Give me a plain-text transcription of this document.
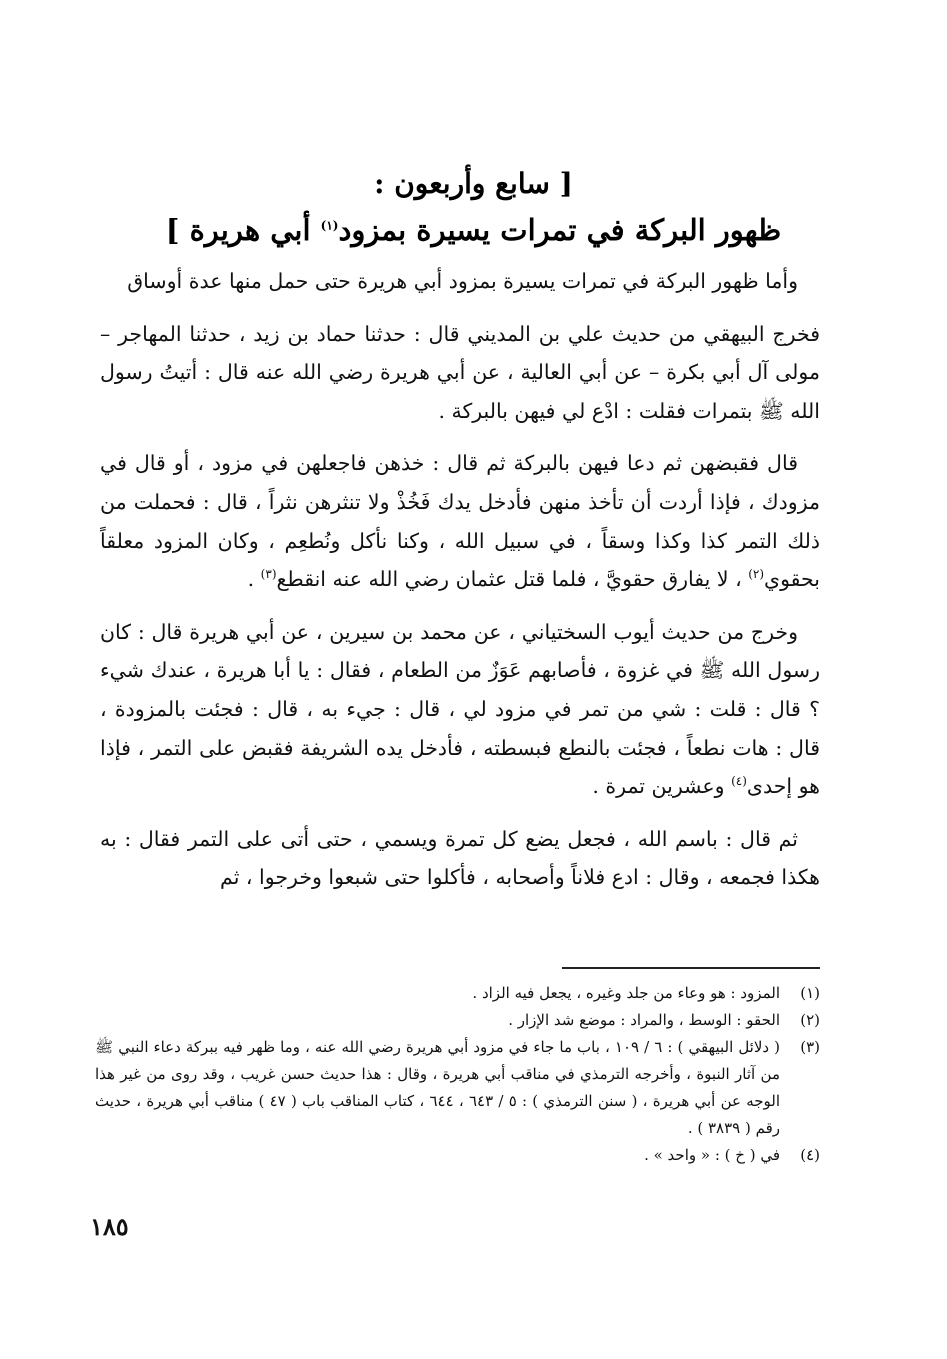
[ سابع وأربعون :
ظهور البركة في تمرات يسيرة بمزود$^{(١)}$ أبي هريرة ]

وأما ظهور البركة في تمرات يسيرة بمزود أبي هريرة حتى حمل منها عدة أوساق

فخرج البيهقي من حديث علي بن المديني قال : حدثنا حماد بن زيد ، حدثنا المهاجر – مولى آل أبي بكرة – عن أبي العالية ، عن أبي هريرة رضي الله عنه قال : أتيتُ رسول الله ﷺ بتمرات فقلت : ادْع لي فيهن بالبركة .

قال فقبضهن ثم دعا فيهن بالبركة ثم قال : خذهن فاجعلهن في مزود ، أو قال في مزودك ، فإذا أردت أن تأخذ منهن فأدخل يدك فَخُذْ ولا تنثرهن نثراً ، قال : فحملت من ذلك التمر كذا وكذا وسقاً ، في سبيل الله ، وكنا نأكل ونُطعِم ، وكان المزود معلقاً بحقوي$^{(٢)}$ ، لا يفارق حقويَّ ، فلما قتل عثمان رضي الله عنه انقطع$^{(٣)}$ .

وخرج من حديث أيوب السختياني ، عن محمد بن سيرين ، عن أبي هريرة قال : كان رسول الله ﷺ في غزوة ، فأصابهم عَوَزٌ من الطعام ، فقال : يا أبا هريرة ، عندك شيء ؟ قال : قلت : شي من تمر في مزود لي ، قال : جيء به ، قال : فجئت بالمزودة ، قال : هات نطعاً ، فجئت بالنطع فبسطته ، فأدخل يده الشريفة فقبض على التمر ، فإذا هو إحدى$^{(٤)}$ وعشرين تمرة .

ثم قال : باسم الله ، فجعل يضع كل تمرة ويسمي ، حتى أتى على التمر فقال : به هكذا فجمعه ، وقال : ادع فلاناً وأصحابه ، فأكلوا حتى شبعوا وخرجوا ، ثم

(١)
المزود : هو وعاء من جلد وغيره ، يجعل فيه الزاد .
(٢)
الحقو : الوسط ، والمراد : موضع شد الإزار .
(٣)
( دلائل البيهقي ) : ٦ / ١٠٩ ، باب ما جاء في مزود أبي هريرة رضي الله عنه ، وما ظهر فيه ببركة دعاء النبي ﷺ من آثار النبوة ، وأخرجه الترمذي في مناقب أبي هريرة ، وقال : هذا حديث حسن غريب ، وقد روى من غير هذا الوجه عن أبي هريرة ، ( سنن الترمذي ) : ٥ / ٦٤٣ ، ٦٤٤ ، كتاب المناقب باب ( ٤٧ ) مناقب أبي هريرة ، حديث رقم ( ٣٨٣٩ ) .
(٤)
في ( خ ) : « واحد » .
١٨٥
